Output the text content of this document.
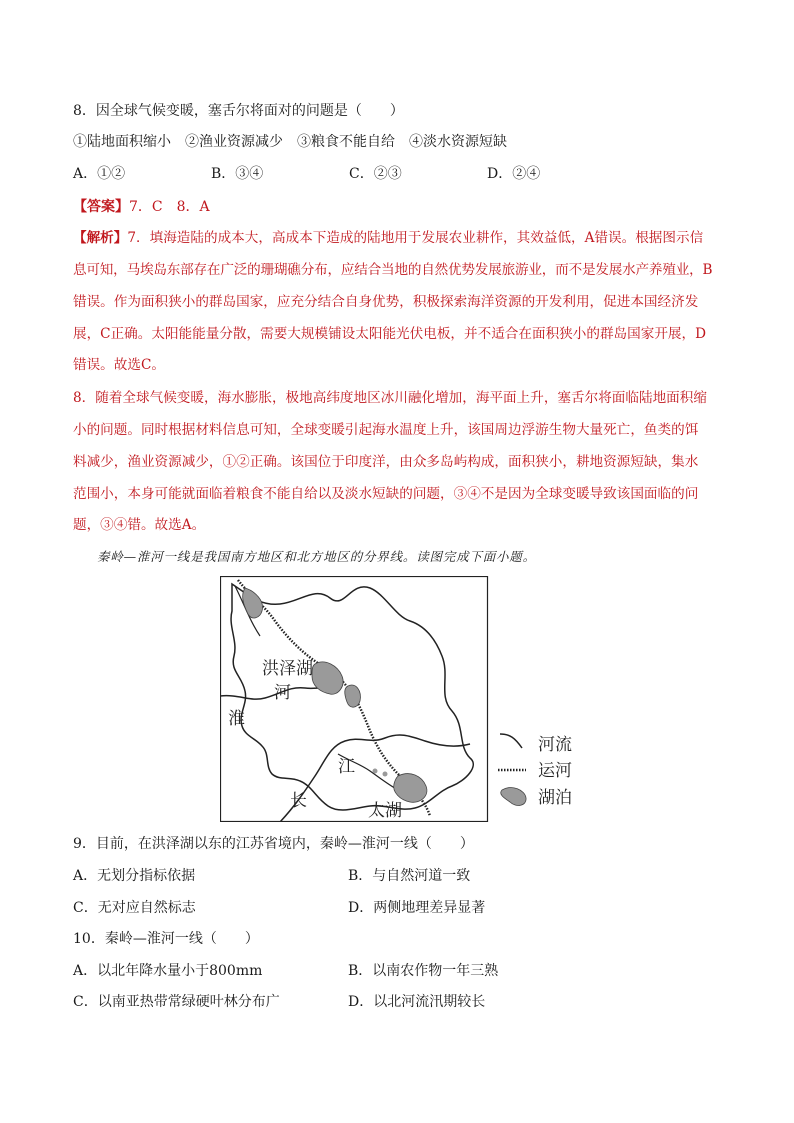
8．因全球气候变暖，塞舌尔将面对的问题是（　　）
①陆地面积缩小　②渔业资源减少　③粮食不能自给　④淡水资源短缺
A．①②	B．③④	C．②③	D．②④
【答案】7．C　8．A
【解析】7．填海造陆的成本大，高成本下造成的陆地用于发展农业耕作，其效益低，A错误。根据图示信
息可知，马埃岛东部存在广泛的珊瑚礁分布，应结合当地的自然优势发展旅游业，而不是发展水产养殖业，B
错误。作为面积狭小的群岛国家，应充分结合自身优势，积极探索海洋资源的开发利用，促进本国经济发
展，C正确。太阳能能量分散，需要大规模铺设太阳能光伏电板，并不适合在面积狭小的群岛国家开展，D
错误。故选C。
8．随着全球气候变暖，海水膨胀，极地高纬度地区冰川融化增加，海平面上升，塞舌尔将面临陆地面积缩
小的问题。同时根据材料信息可知，全球变暖引起海水温度上升，该国周边浮游生物大量死亡，鱼类的饵
料减少，渔业资源减少，①②正确。该国位于印度洋，由众多岛屿构成，面积狭小，耕地资源短缺，集水
范围小，本身可能就面临着粮食不能自给以及淡水短缺的问题，③④不是因为全球变暖导致该国面临的问
题，③④错。故选A。
秦岭—淮河一线是我国南方地区和北方地区的分界线。读图完成下面小题。
洪泽湖
河
淮
江
长
太湖
河流
运河
湖泊
9．目前，在洪泽湖以东的江苏省境内，秦岭—淮河一线（　　）
A．无划分指标依据	B．与自然河道一致
C．无对应自然标志	D．两侧地理差异显著
10．秦岭—淮河一线（　　）
A．以北年降水量小于800mm	B．以南农作物一年三熟
C．以南亚热带常绿硬叶林分布广	D．以北河流汛期较长
